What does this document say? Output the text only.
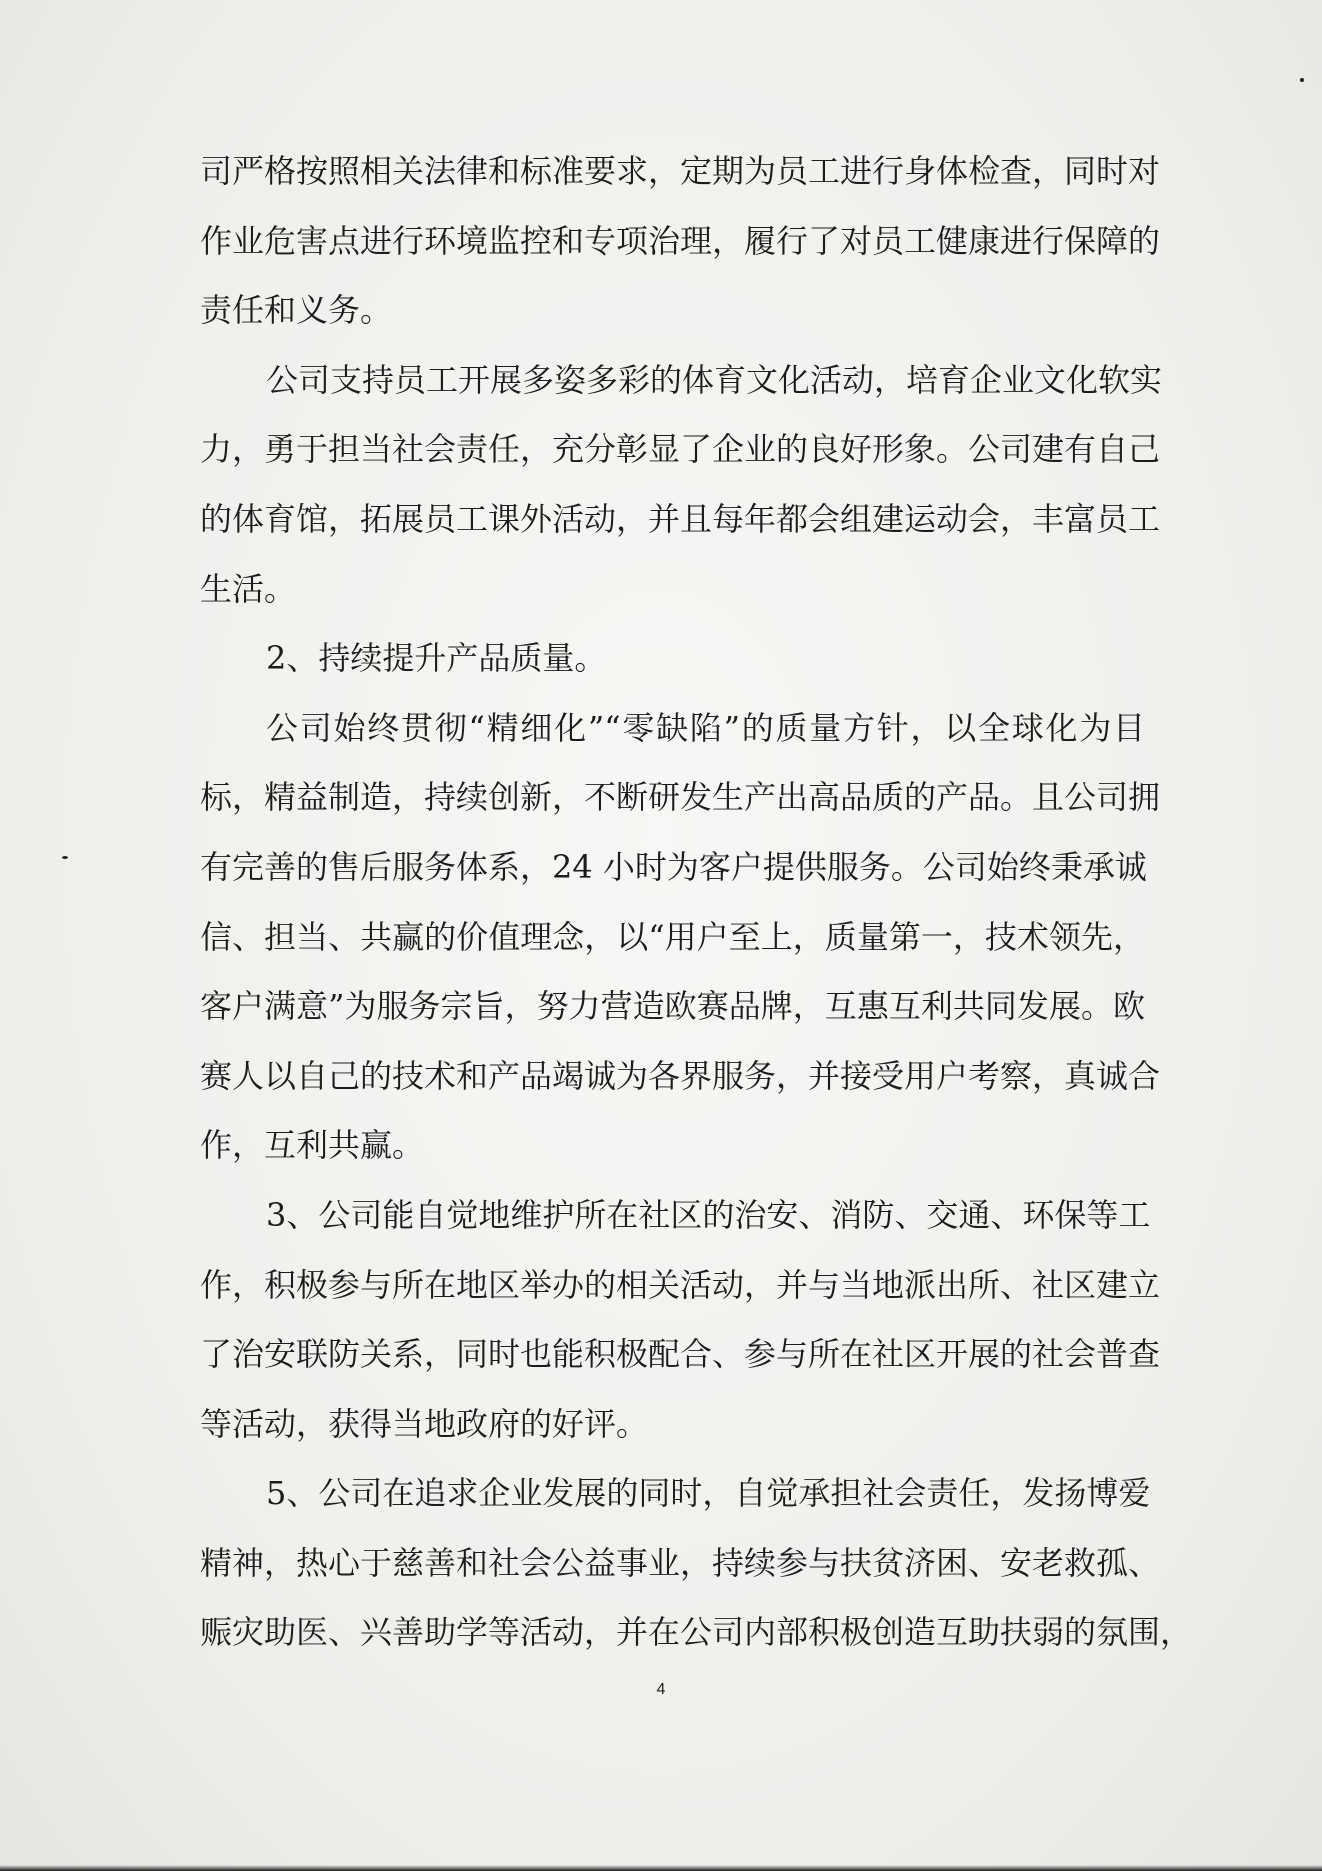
司严格按照相关法律和标准要求，定期为员工进行身体检查，同时对
作业危害点进行环境监控和专项治理，履行了对员工健康进行保障的
责任和义务。
公司支持员工开展多姿多彩的体育文化活动，培育企业文化软实
力，勇于担当社会责任，充分彰显了企业的良好形象。公司建有自己
的体育馆，拓展员工课外活动，并且每年都会组建运动会，丰富员工
生活。
2、持续提升产品质量。
公司始终贯彻“精细化”“零缺陷”的质量方针，以全球化为目
标，精益制造，持续创新，不断研发生产出高品质的产品。且公司拥
有完善的售后服务体系，24 小时为客户提供服务。公司始终秉承诚
信、担当、共赢的价值理念，以“用户至上，质量第一，技术领先，
客户满意”为服务宗旨，努力营造欧赛品牌，互惠互利共同发展。欧
赛人以自己的技术和产品竭诚为各界服务，并接受用户考察，真诚合
作，互利共赢。
3、公司能自觉地维护所在社区的治安、消防、交通、环保等工
作，积极参与所在地区举办的相关活动，并与当地派出所、社区建立
了治安联防关系，同时也能积极配合、参与所在社区开展的社会普查
等活动，获得当地政府的好评。
5、公司在追求企业发展的同时，自觉承担社会责任，发扬博爱
精神，热心于慈善和社会公益事业，持续参与扶贫济困、安老救孤、
赈灾助医、兴善助学等活动，并在公司内部积极创造互助扶弱的氛围，
4
